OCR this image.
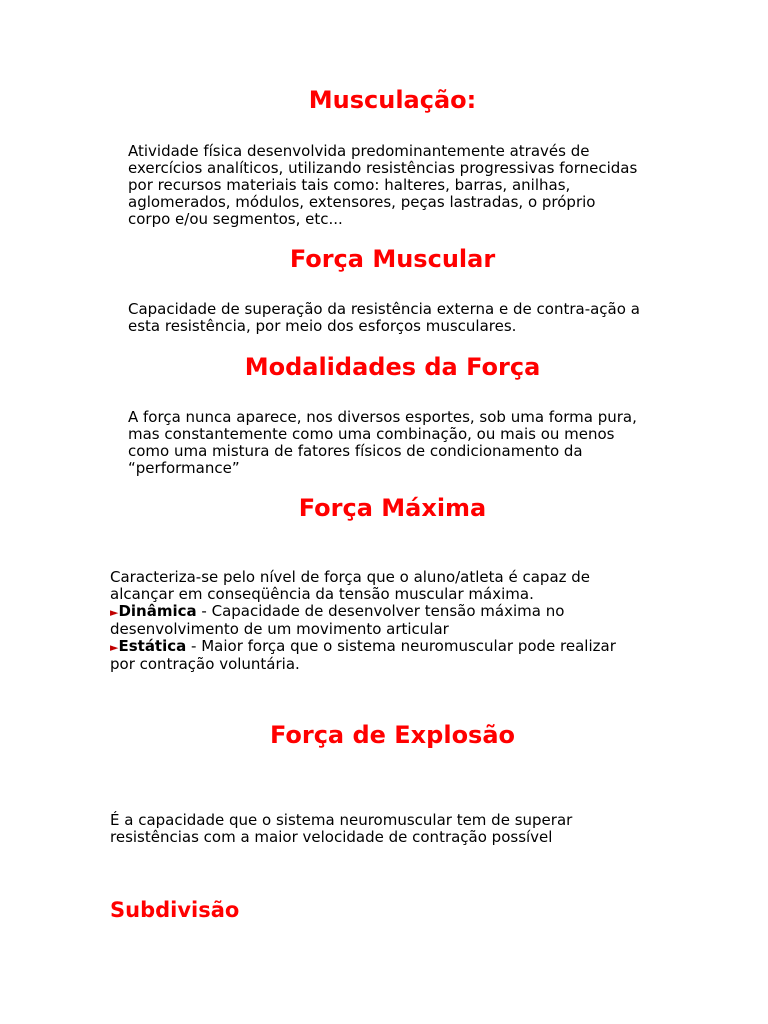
Musculação:
Atividade física desenvolvida predominantemente através de
exercícios analíticos, utilizando resistências progressivas fornecidas
por recursos materiais tais como: halteres, barras, anilhas,
aglomerados, módulos, extensores, peças lastradas, o próprio
corpo e/ou segmentos, etc...
Força Muscular
Capacidade de superação da resistência externa e de contra-ação a
esta resistência, por meio dos esforços musculares.
Modalidades da Força
A força nunca aparece, nos diversos esportes, sob uma forma pura,
mas constantemente como uma combinação, ou mais ou menos
como uma mistura de fatores físicos de condicionamento da
“performance”
Força Máxima
Caracteriza-se pelo nível de força que o aluno/atleta é capaz de
alcançar em conseqüência da tensão muscular máxima.
►Dinâmica - Capacidade de desenvolver tensão máxima no
desenvolvimento de um movimento articular
►Estática - Maior força que o sistema neuromuscular pode realizar
por contração voluntária.
Força de Explosão
É a capacidade que o sistema neuromuscular tem de superar
resistências com a maior velocidade de contração possível
Subdivisão
